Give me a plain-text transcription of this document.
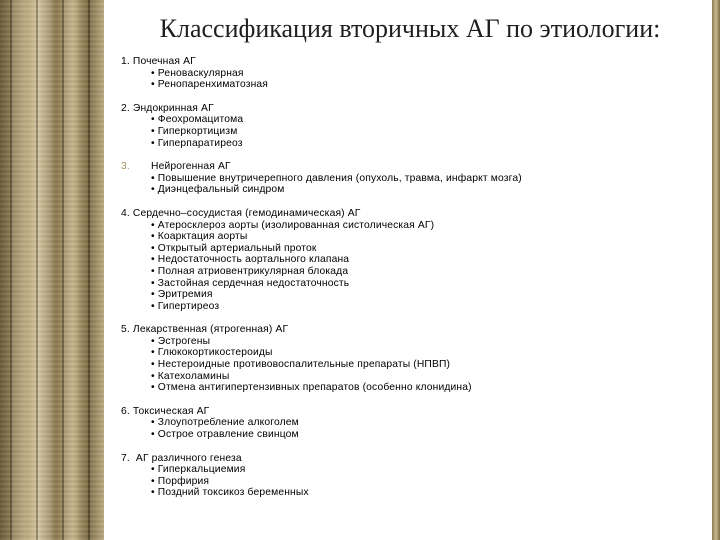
Классификация вторичных АГ по этиологии:
1.
Почечная АГ
• Реноваскулярная
• Ренопаренхиматозная
2.
Эндокринная АГ
• Феохромацитома
• Гиперкортицизм
• Гиперпаратиреоз
3.	Нейрогенная АГ
• Повышение внутричерепного давления (опухоль, травма, инфаркт мозга)
• Диэнцефальный синдром
4.
Сердечно–сосудистая (гемодинамическая) АГ
• Атеросклероз аорты (изолированная систолическая АГ)
• Коарктация аорты
• Открытый артериальный проток
• Недостаточность аортального клапана
• Полная атриовентрикулярная блокада
• Застойная сердечная недостаточность
• Эритремия
• Гипертиреоз
5.
Лекарственная (ятрогенная) АГ
• Эстрогены
• Глюкокортикостероиды
• Нестероидные противовоспалительные препараты (НПВП)
• Катехоламины
• Отмена антигипертензивных препаратов (особенно клонидина)
6.
Токсическая АГ
• Злоупотребление алкоголем
• Острое отравление свинцом
7.
АГ различного генеза
• Гиперкальциемия
• Порфирия
• Поздний токсикоз беременных
